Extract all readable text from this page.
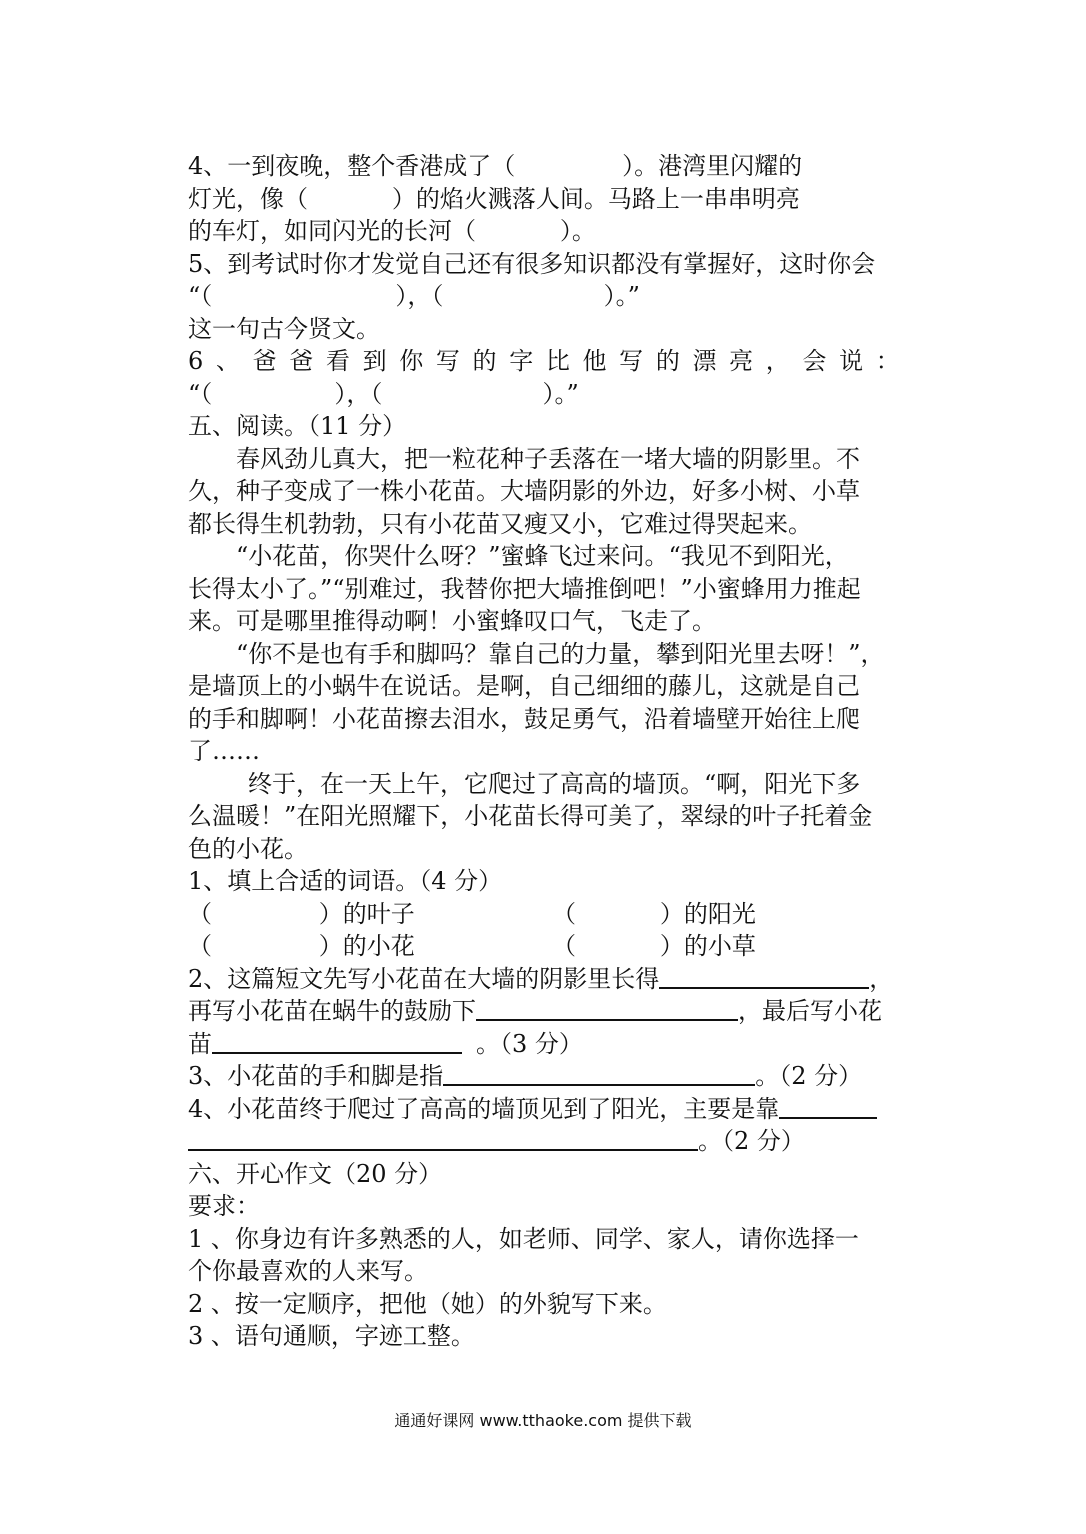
4、一到夜晚，整个香港成了（              ）。港湾里闪耀的
灯光，像（           ）的焰火溅落人间。马路上一串串明亮
的车灯，如同闪光的长河（           ）。
5、到考试时你才发觉自己还有很多知识都没有掌握好，这时你会
“（                        ），（                     ）。”
这一句古今贤文。
6 、 爸 爸 看 到 你 写 的 字 比 他 写 的 漂 亮 ， 会 说 ：
“（                ），（                     ）。”
五、阅读。（11 分）
春风劲儿真大，把一粒花种子丢落在一堵大墙的阴影里。不
久，种子变成了一株小花苗。大墙阴影的外边，好多小树、小草
都长得生机勃勃，只有小花苗又瘦又小，它难过得哭起来。
“小花苗，你哭什么呀？”蜜蜂飞过来问。“我见不到阳光，
长得太小了。”“别难过，我替你把大墙推倒吧！”小蜜蜂用力推起
来。可是哪里推得动啊！小蜜蜂叹口气，飞走了。
“你不是也有手和脚吗？靠自己的力量，攀到阳光里去呀！”，
是墙顶上的小蜗牛在说话。是啊，自己细细的藤儿，这就是自己
的手和脚啊！小花苗擦去泪水，鼓足勇气，沿着墙壁开始往上爬
了……
终于，在一天上午，它爬过了高高的墙顶。“啊，阳光下多
么温暖！”在阳光照耀下，小花苗长得可美了，翠绿的叶子托着金
色的小花。
1、填上合适的词语。（4 分）
（              ）的叶子	（           ）的阳光
（              ）的小花	（           ）的小草
2、这篇短文先写小花苗在大墙的阴影里长得	，
再写小花苗在蜗牛的鼓励下	，最后写小花
苗	。（3 分）
3、小花苗的手和脚是指	。（2 分）
4、小花苗终于爬过了高高的墙顶见到了阳光，主要是靠
。（2 分）
六、开心作文（20 分）
要求：
1 、你身边有许多熟悉的人，如老师、同学、家人，请你选择一
个你最喜欢的人来写。
2 、按一定顺序，把他（她）的外貌写下来。
3 、语句通顺，字迹工整。
通通好课网 www.tthaoke.com 提供下载
